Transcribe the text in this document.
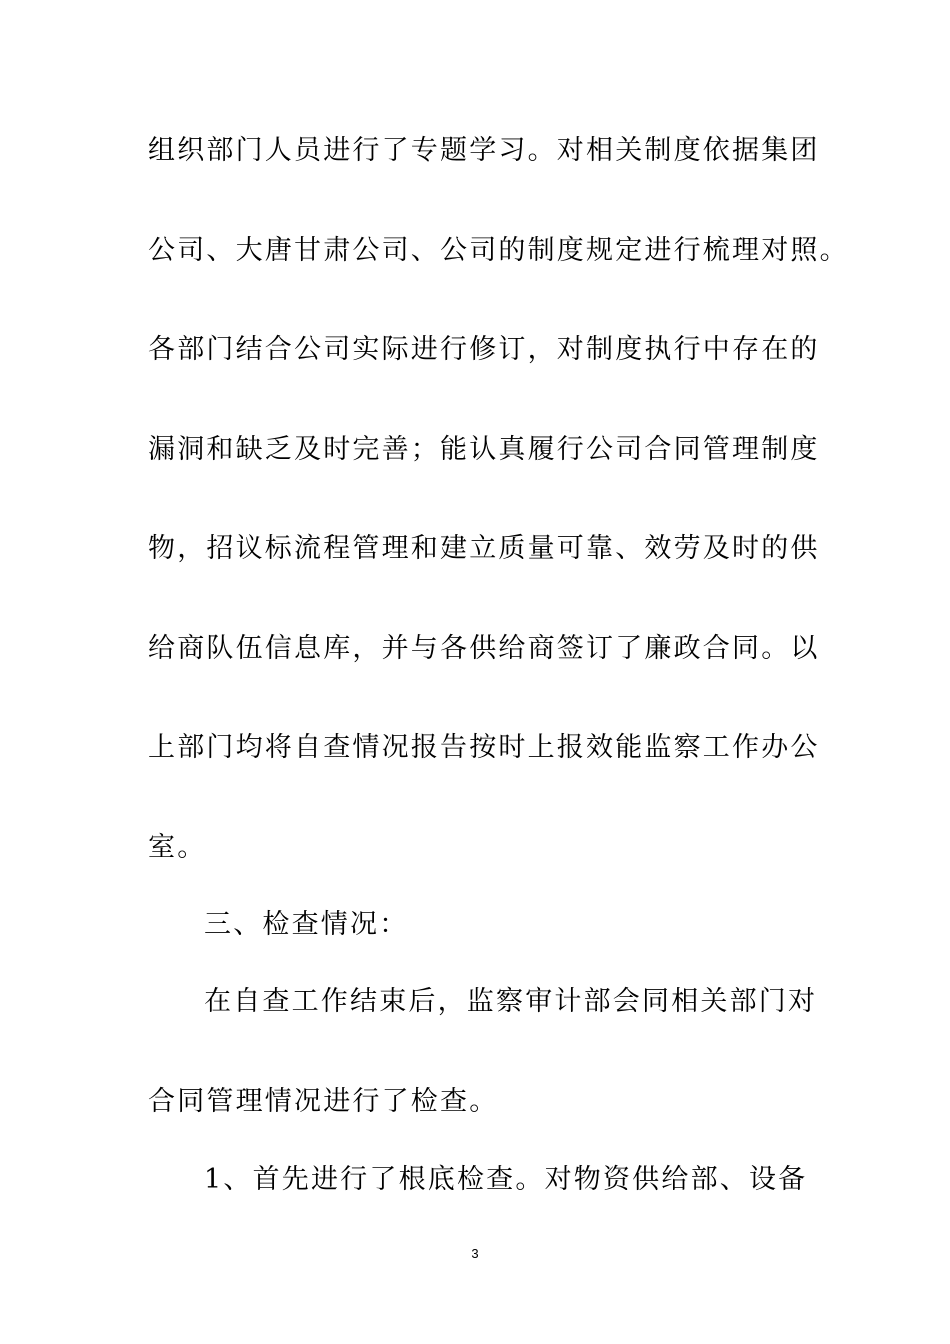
组织部门人员进行了专题学习。对相关制度依据集团
公司、大唐甘肃公司、公司的制度规定进行梳理对照。
各部门结合公司实际进行修订，对制度执行中存在的
漏洞和缺乏及时完善；能认真履行公司合同管理制度
物，招议标流程管理和建立质量可靠、效劳及时的供
给商队伍信息库，并与各供给商签订了廉政合同。以
上部门均将自查情况报告按时上报效能监察工作办公
室。
三、检查情况：
在自查工作结束后，监察审计部会同相关部门对
合同管理情况进行了检查。
1、首先进行了根底检查。对物资供给部、设备
3
